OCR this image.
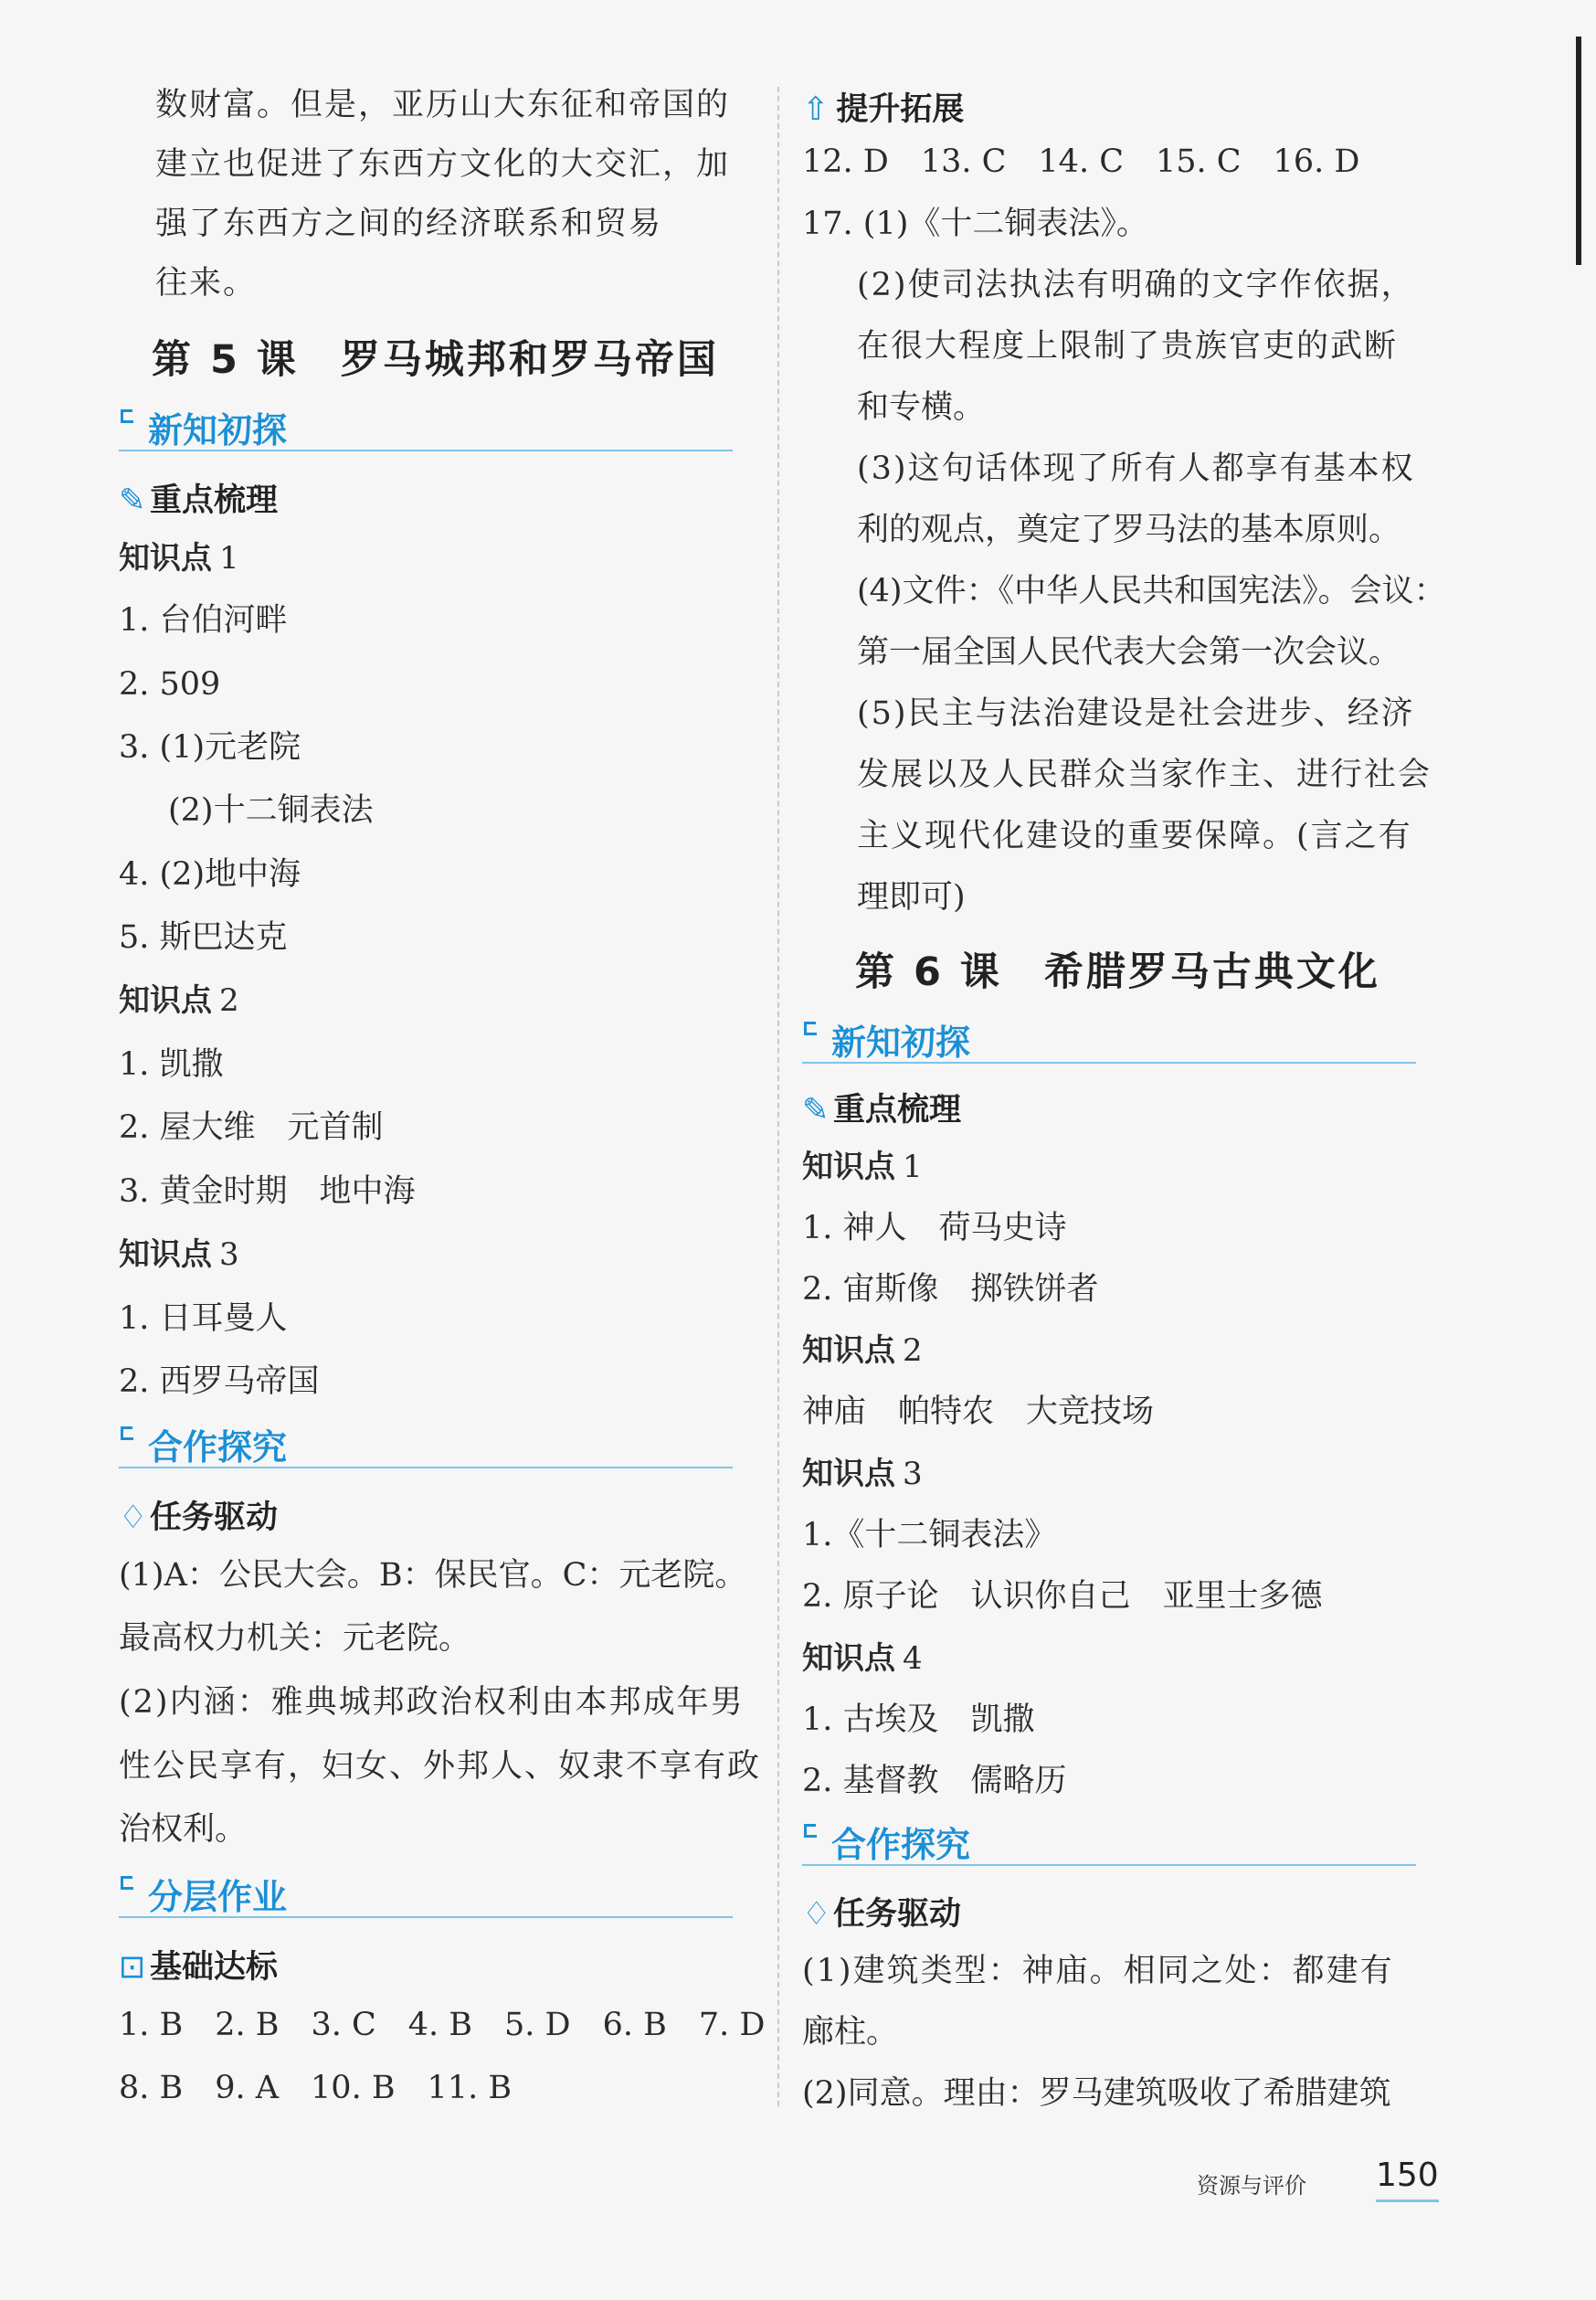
数财富。但是，亚历山大东征和帝国的
建立也促进了东西方文化的大交汇，加
强了东西方之间的经济联系和贸易
往来。
第 5 课　罗马城邦和罗马帝国
新知初探
✎ 重点梳理
知识点 1
1. 台伯河畔
2. 509
3. (1)元老院
(2)十二铜表法
4. (2)地中海
5. 斯巴达克
知识点 2
1. 凯撒
2. 屋大维　元首制
3. 黄金时期　地中海
知识点 3
1. 日耳曼人
2. 西罗马帝国
合作探究
♢任务驱动
(1)A：公民大会。B：保民官。C：元老院。
最高权力机关：元老院。
(2)内涵：雅典城邦政治权利由本邦成年男
性公民享有，妇女、外邦人、奴隶不享有政
治权利。
分层作业
⊡ 基础达标
1. B　2. B　3. C　4. B　5. D　6. B　7. D
8. B　9. A　10. B　11. B
⇧ 提升拓展
12. D　13. C　14. C　15. C　16. D
17. (1)《十二铜表法》。
(2)使司法执法有明确的文字作依据，
在很大程度上限制了贵族官吏的武断
和专横。
(3)这句话体现了所有人都享有基本权
利的观点，奠定了罗马法的基本原则。
(4)文件：《中华人民共和国宪法》。会议：
第一届全国人民代表大会第一次会议。
(5)民主与法治建设是社会进步、经济
发展以及人民群众当家作主、进行社会
主义现代化建设的重要保障。(言之有
理即可)
第 6 课　希腊罗马古典文化
新知初探
✎ 重点梳理
知识点 1
1. 神人　荷马史诗
2. 宙斯像　掷铁饼者
知识点 2
神庙　帕特农　大竞技场
知识点 3
1.《十二铜表法》
2. 原子论　认识你自己　亚里士多德
知识点 4
1. 古埃及　凯撒
2. 基督教　儒略历
合作探究
♢任务驱动
(1)建筑类型：神庙。相同之处：都建有
廊柱。
(2)同意。理由：罗马建筑吸收了希腊建筑
资源与评价 150
